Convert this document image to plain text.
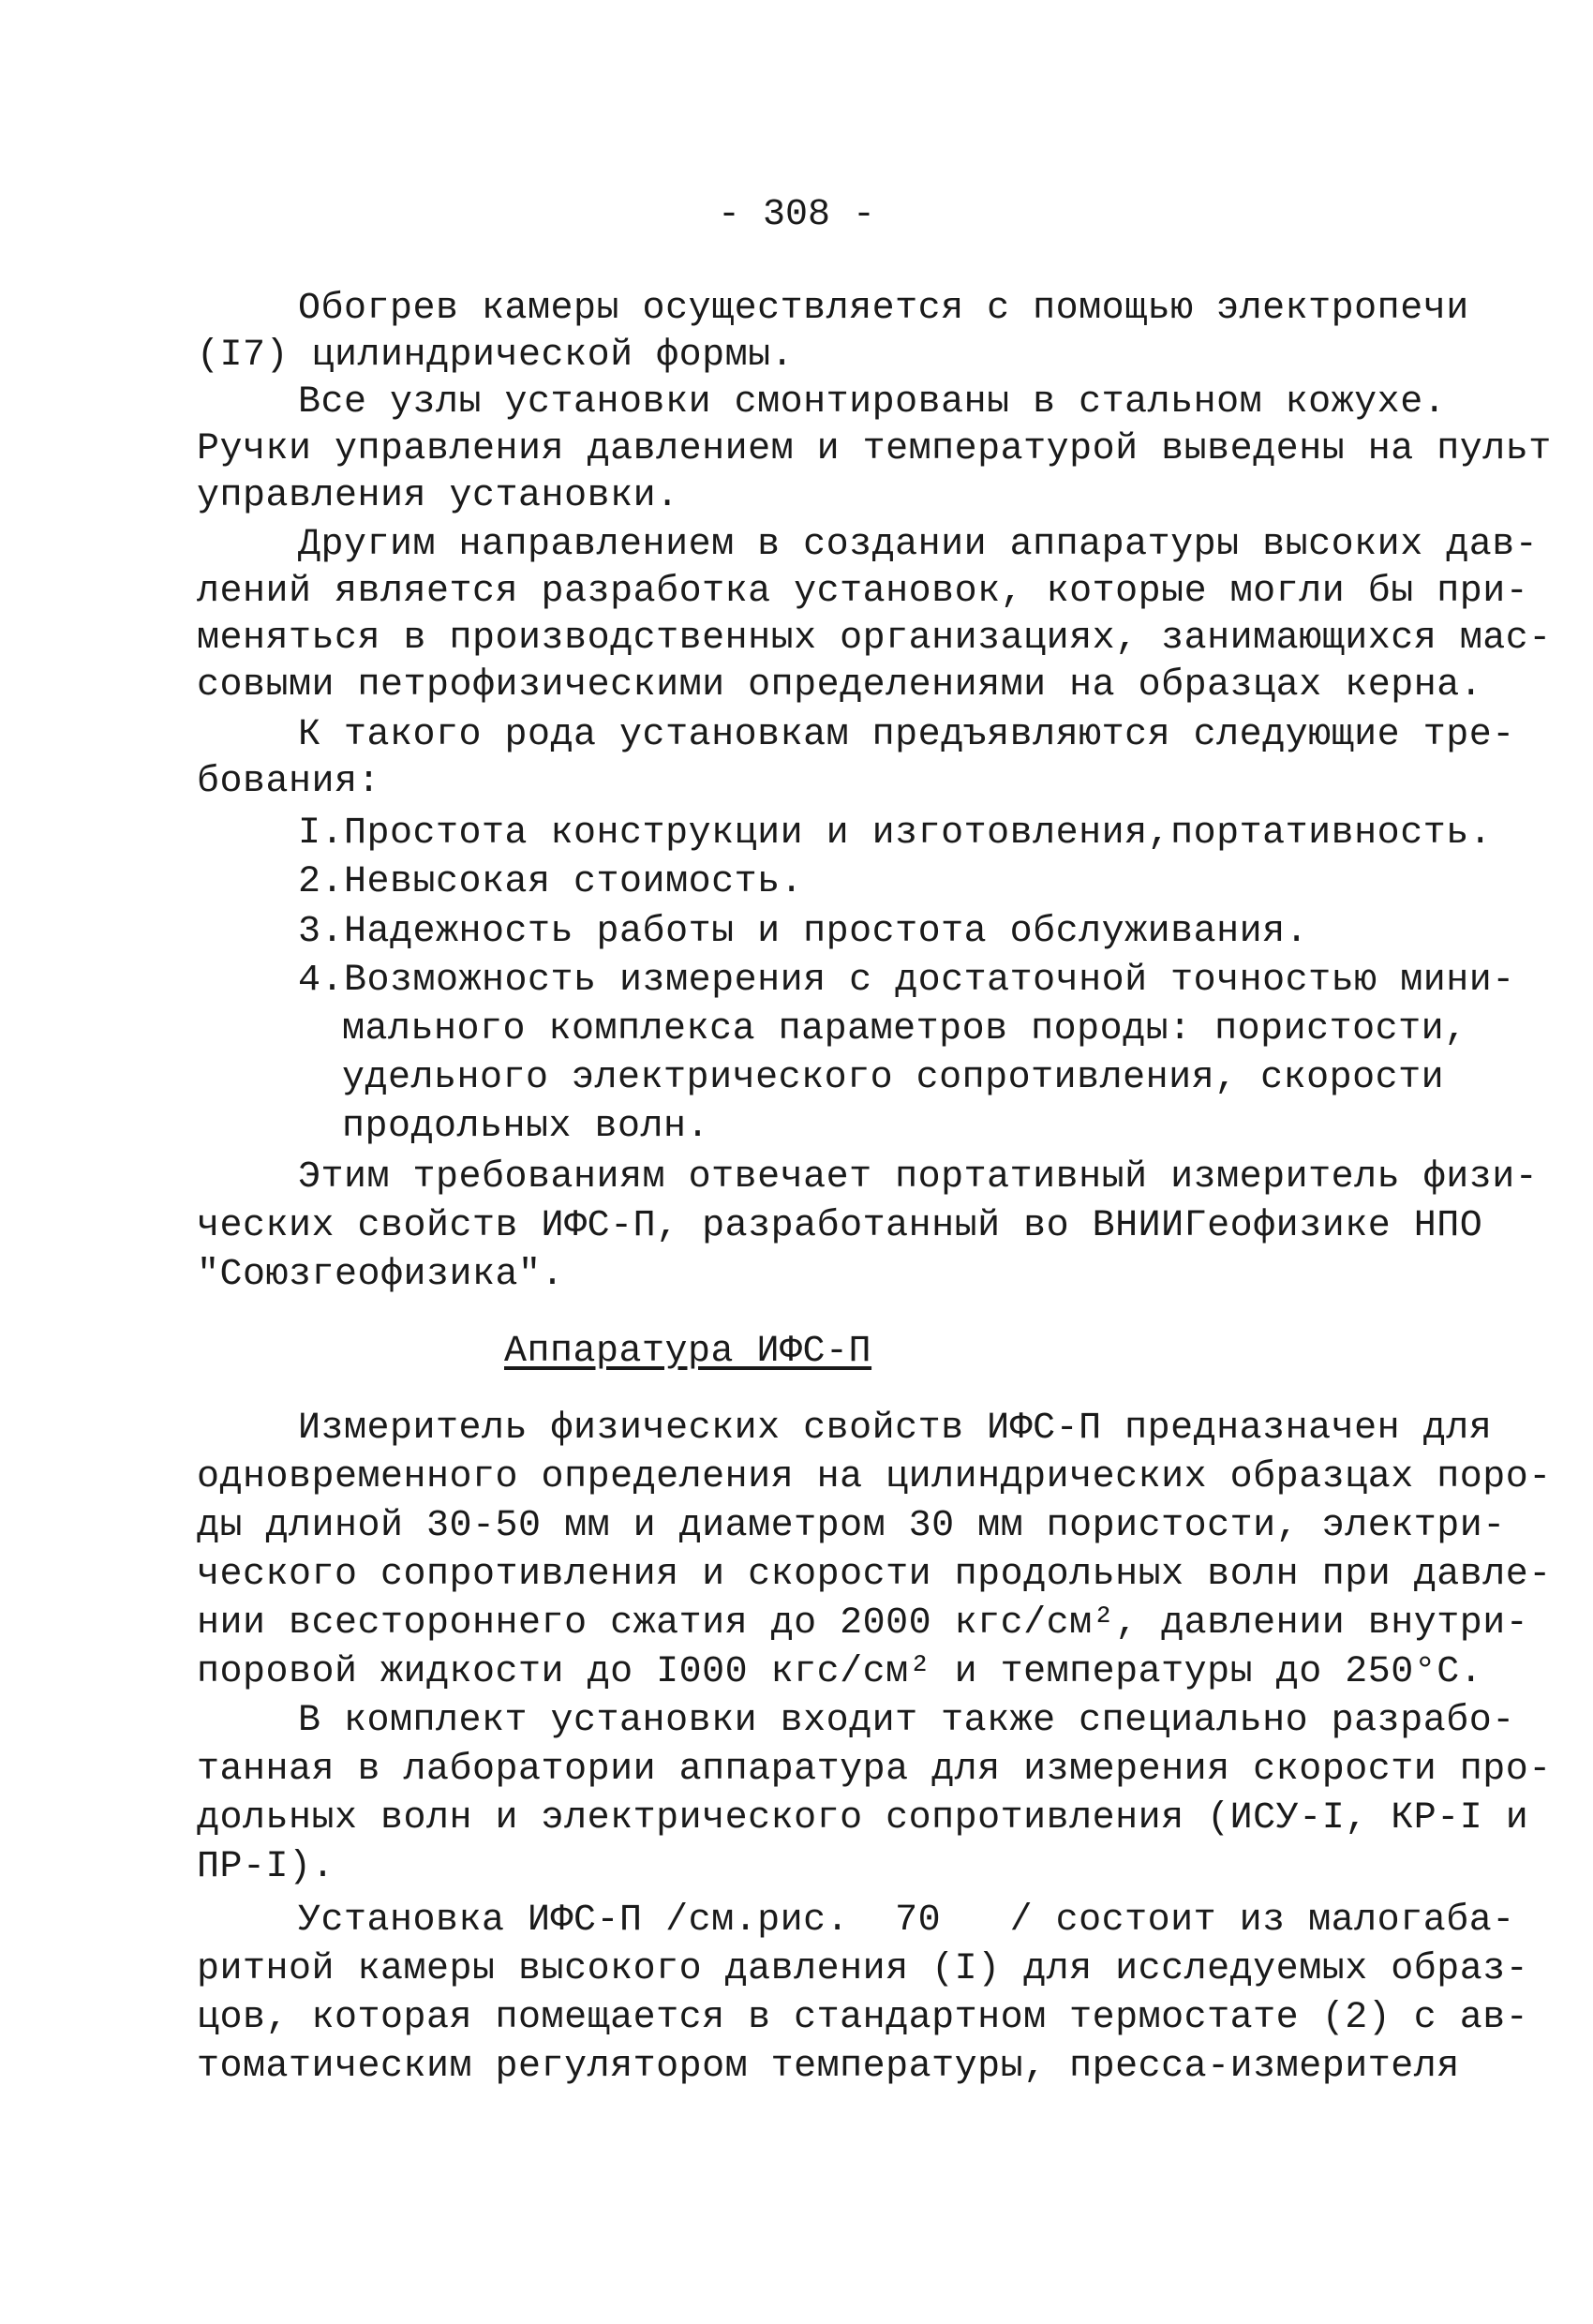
- 308 -
Обогрев камеры осуществляется с помощью электропечи
(I7) цилиндрической формы.
Все узлы установки смонтированы в стальном кожухе.
Ручки управления давлением и температурой выведены на пульт
управления установки.
Другим направлением в создании аппаратуры высоких дав-
лений является разработка установок, которые могли бы при-
меняться в производственных организациях, занимающихся мас-
совыми петрофизическими определениями на образцах керна.
К такого рода установкам предъявляются следующие тре-
бования:
I.Простота конструкции и изготовления,портативность.
2.Невысокая стоимость.
3.Надежность работы и простота обслуживания.
4.Возможность измерения с достаточной точностью мини-
мального комплекса параметров породы: пористости,
удельного электрического сопротивления, скорости
продольных волн.
Этим требованиям отвечает портативный измеритель физи-
ческих свойств ИФС-П, разработанный во ВНИИГеофизике НПО
"Союзгеофизика".
Аппаратура ИФС-П
Измеритель физических свойств ИФС-П предназначен для
одновременного определения на цилиндрических образцах поро-
ды длиной 30-50 мм и диаметром 30 мм пористости, электри-
ческого сопротивления и скорости продольных волн при давле-
нии всестороннего сжатия до 2000 кгс/см², давлении внутри-
поровой жидкости до I000 кгс/см² и температуры до 250°С.
В комплект установки входит также специально разрабо-
танная в лаборатории аппаратура для измерения скорости про-
дольных волн и электрического сопротивления (ИСУ-I, КР-I и
ПР-I).
Установка ИФС-П /см.рис.  70   / состоит из малогаба-
ритной камеры высокого давления (I) для исследуемых образ-
цов, которая помещается в стандартном термостате (2) с ав-
томатическим регулятором температуры, пресса-измерителя
